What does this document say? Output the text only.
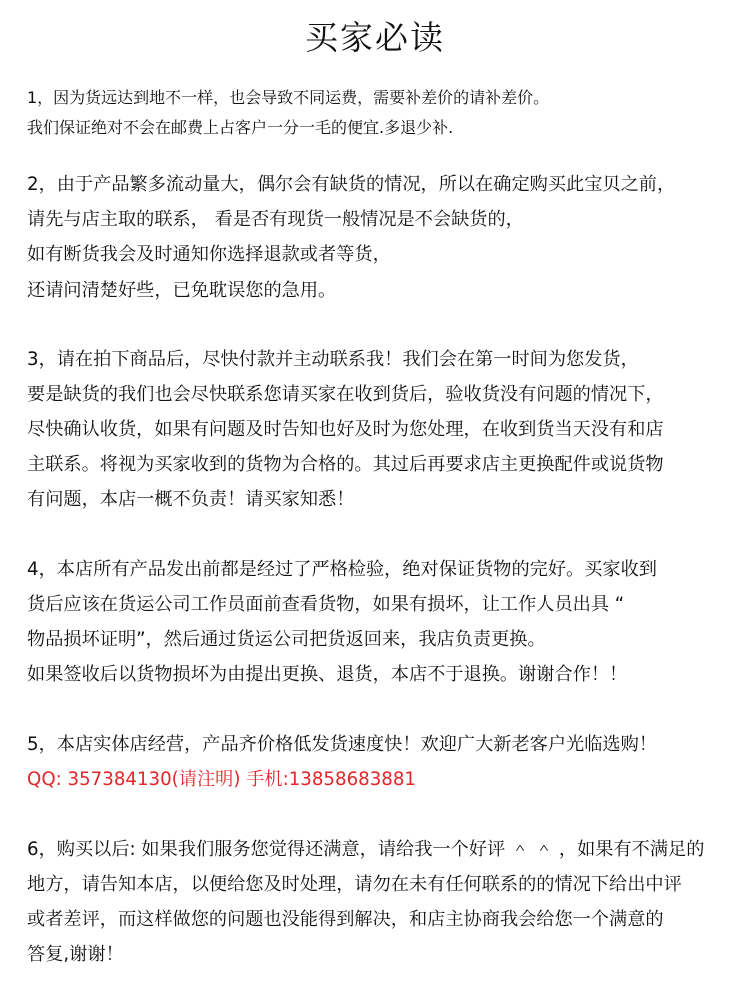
买家必读
1，因为货远达到地不一样，也会导致不同运费，需要补差价的请补差价。
我们保证绝对不会在邮费上占客户一分一毛的便宜.多退少补.
2，由于产品繁多流动量大，偶尔会有缺货的情况，所以在确定购买此宝贝之前，
请先与店主取的联系， 看是否有现货一般情况是不会缺货的，
如有断货我会及时通知你选择退款或者等货，
还请问清楚好些，已免耽误您的急用。
3，请在拍下商品后，尽快付款并主动联系我！我们会在第一时间为您发货，
要是缺货的我们也会尽快联系您请买家在收到货后，验收货没有问题的情况下，
尽快确认收货，如果有问题及时告知也好及时为您处理，在收到货当天没有和店
主联系。将视为买家收到的货物为合格的。其过后再要求店主更换配件或说货物
有问题，本店一概不负责！请买家知悉！
4，本店所有产品发出前都是经过了严格检验，绝对保证货物的完好。买家收到
货后应该在货运公司工作员面前查看货物，如果有损坏，让工作人员出具 “
物品损坏证明”，然后通过货运公司把货返回来，我店负责更换。
如果签收后以货物损坏为由提出更换、退货，本店不于退换。谢谢合作！！
5，本店实体店经营，产品齐价格低发货速度快！欢迎广大新老客户光临选购！
QQ: 357384130(请注明) 手机:13858683881
6，购买以后: 如果我们服务您觉得还满意，请给我一个好评 ＾ ＾ ，如果有不满足的
地方，请告知本店，以便给您及时处理，请勿在未有任何联系的的情况下给出中评
或者差评，而这样做您的问题也没能得到解决，和店主协商我会给您一个满意的
答复,谢谢！
